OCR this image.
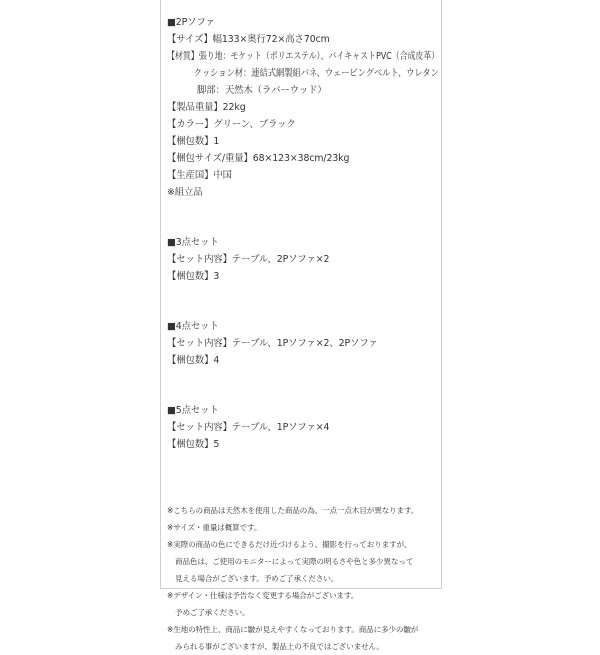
■2Pソファ
【サイズ】幅133×奥行72×高さ70cm
【材質】張り地：モケット（ポリエステル）、バイキャストPVC（合成皮革）
クッション材：連結式網製組バネ、ウェービングベルト、ウレタン
脚部：天然木（ラバーウッド）
【製品重量】22kg
【カラー】グリーン、ブラック
【梱包数】1
【梱包サイズ/重量】68×123×38cm/23kg
【生産国】中国
※組立品
■3点セット
【セット内容】テーブル、2Pソファ×2
【梱包数】3
■4点セット
【セット内容】テーブル、1Pソファ×2、2Pソファ
【梱包数】4
■5点セット
【セット内容】テーブル、1Pソファ×4
【梱包数】5
※こちらの商品は天然木を使用した商品の為、一点一点木目が異なります。
※サイズ・重量は概算です。
※実際の商品の色にできるだけ近づけるよう、撮影を行っておりますが、
商品色は、ご使用のモニターによって実際の明るさや色と多少異なって
見える場合がございます。予めご了承ください。
※デザイン・仕様は予告なく変更する場合がございます。
予めご了承ください。
※生地の特性上、商品に皺が見えやすくなっております。商品に多少の皺が
みられる事がございますが、製品上の不良ではございません。
